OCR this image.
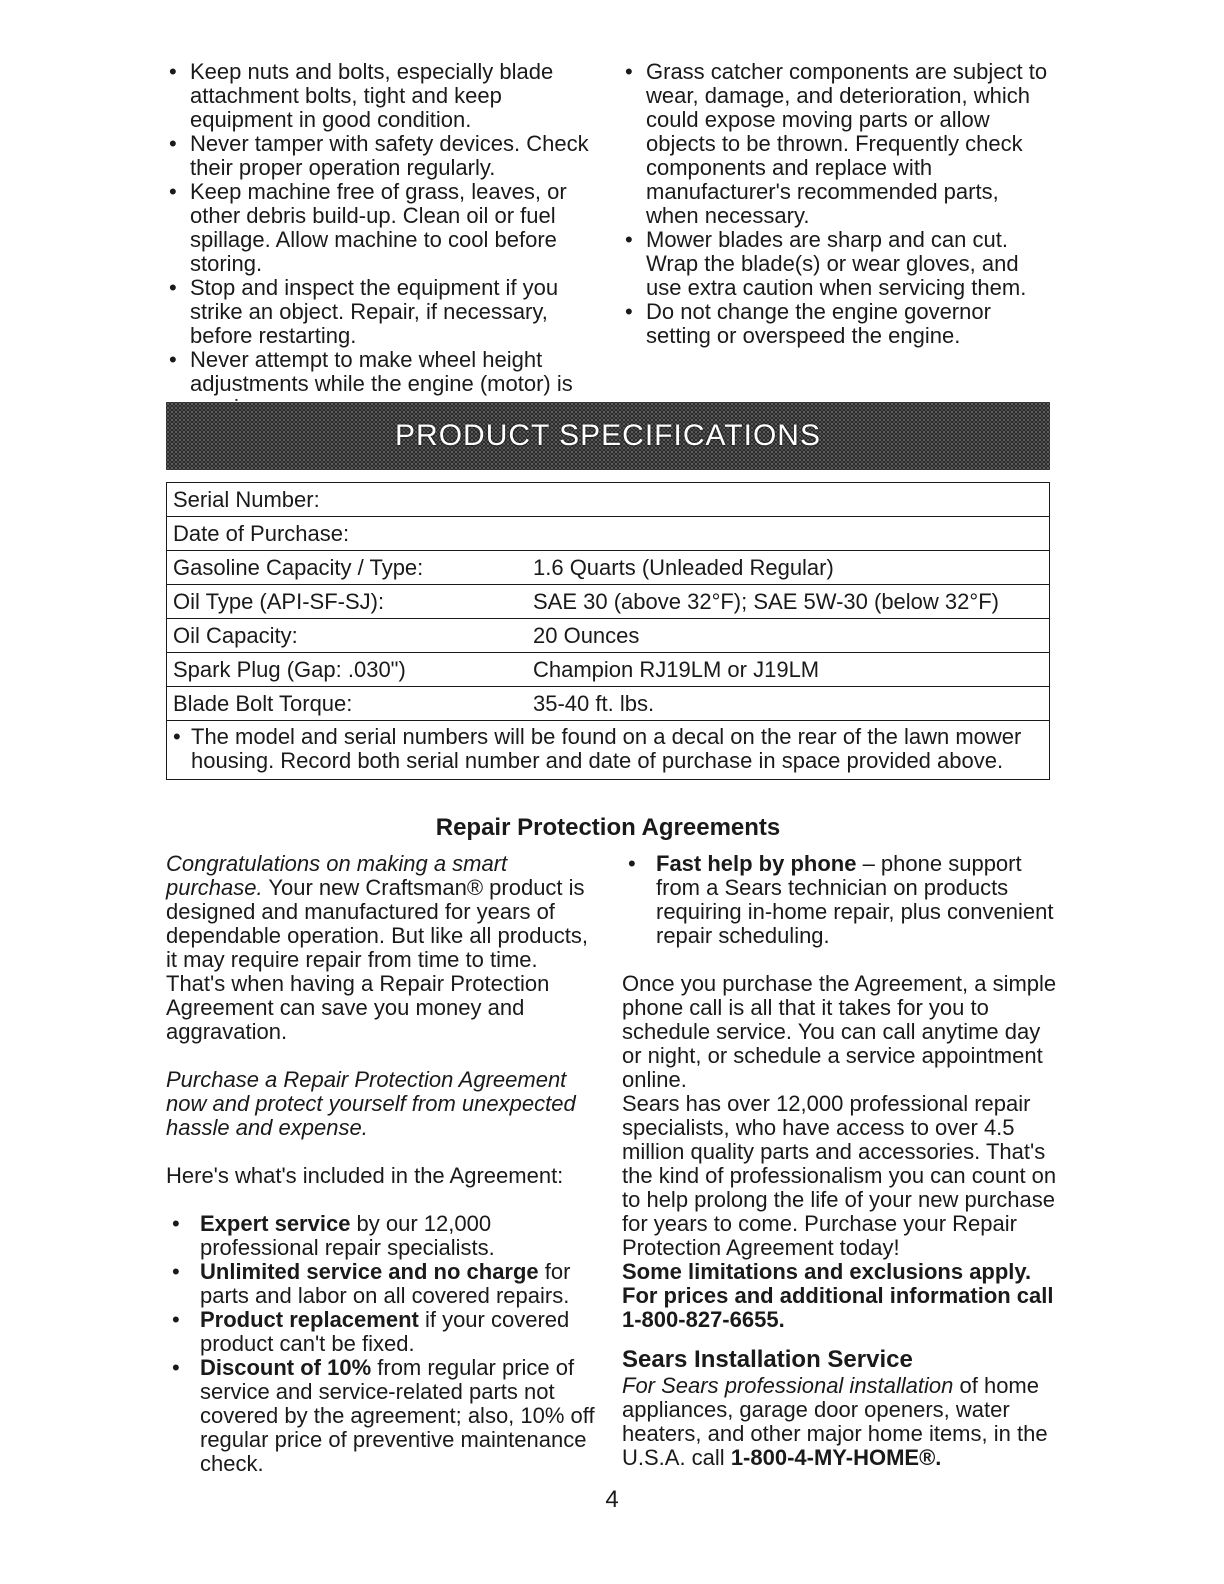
• Keep nuts and bolts, especially blade attachment bolts, tight and keep equipment in good condition.
• Never tamper with safety devices. Check their proper operation regularly.
• Keep machine free of grass, leaves, or other debris build-up. Clean oil or fuel spillage. Allow machine to cool before storing.
• Stop and inspect the equipment if you strike an object. Repair, if necessary, before restarting.
• Never attempt to make wheel height adjustments while the engine (motor) is
• Grass catcher components are subject to wear, damage, and deterioration, which could expose moving parts or allow objects to be thrown. Frequently check components and replace with manufacturer's recommended parts, when necessary.
• Mower blades are sharp and can cut. Wrap the blade(s) or wear gloves, and use extra caution when servicing them.
• Do not change the engine governor setting or overspeed the engine.
PRODUCT SPECIFICATIONS
Serial Number:	
Date of Purchase:	
Gasoline Capacity / Type:	1.6 Quarts (Unleaded Regular)
Oil Type (API-SF-SJ):	SAE 30 (above 32°F); SAE 5W-30 (below 32°F)
Oil Capacity:	20 Ounces
Spark Plug (Gap: .030")	Champion RJ19LM or J19LM
Blade Bolt Torque:	35-40 ft. lbs.
• The model and serial numbers will be found on a decal on the rear of the lawn mower housing. Record both serial number and date of purchase in space provided above.
Repair Protection Agreements

Congratulations on making a smart purchase. Your new Craftsman® product is designed and manufactured for years of dependable operation. But like all products, it may require repair from time to time. That's when having a Repair Protection Agreement can save you money and aggravation.

Purchase a Repair Protection Agreement now and protect yourself from unexpected hassle and expense.

Here's what's included in the Agreement:

• Expert service by our 12,000 professional repair specialists.
• Unlimited service and no charge for parts and labor on all covered repairs.
• Product replacement if your covered product can't be fixed.
• Discount of 10% from regular price of service and service-related parts not covered by the agreement; also, 10% off regular price of preventive maintenance check.
• Fast help by phone – phone support from a Sears technician on products requiring in-home repair, plus convenient repair scheduling.

Once you purchase the Agreement, a simple phone call is all that it takes for you to schedule service. You can call anytime day or night, or schedule a service appointment online.

Sears has over 12,000 professional repair specialists, who have access to over 4.5 million quality parts and accessories. That's the kind of professionalism you can count on to help prolong the life of your new purchase for years to come. Purchase your Repair Protection Agreement today!

Some limitations and exclusions apply. For prices and additional information call 1-800-827-6655.

Sears Installation Service

For Sears professional installation of home appliances, garage door openers, water heaters, and other major home items, in the U.S.A. call 1-800-4-MY-HOME®.

4
